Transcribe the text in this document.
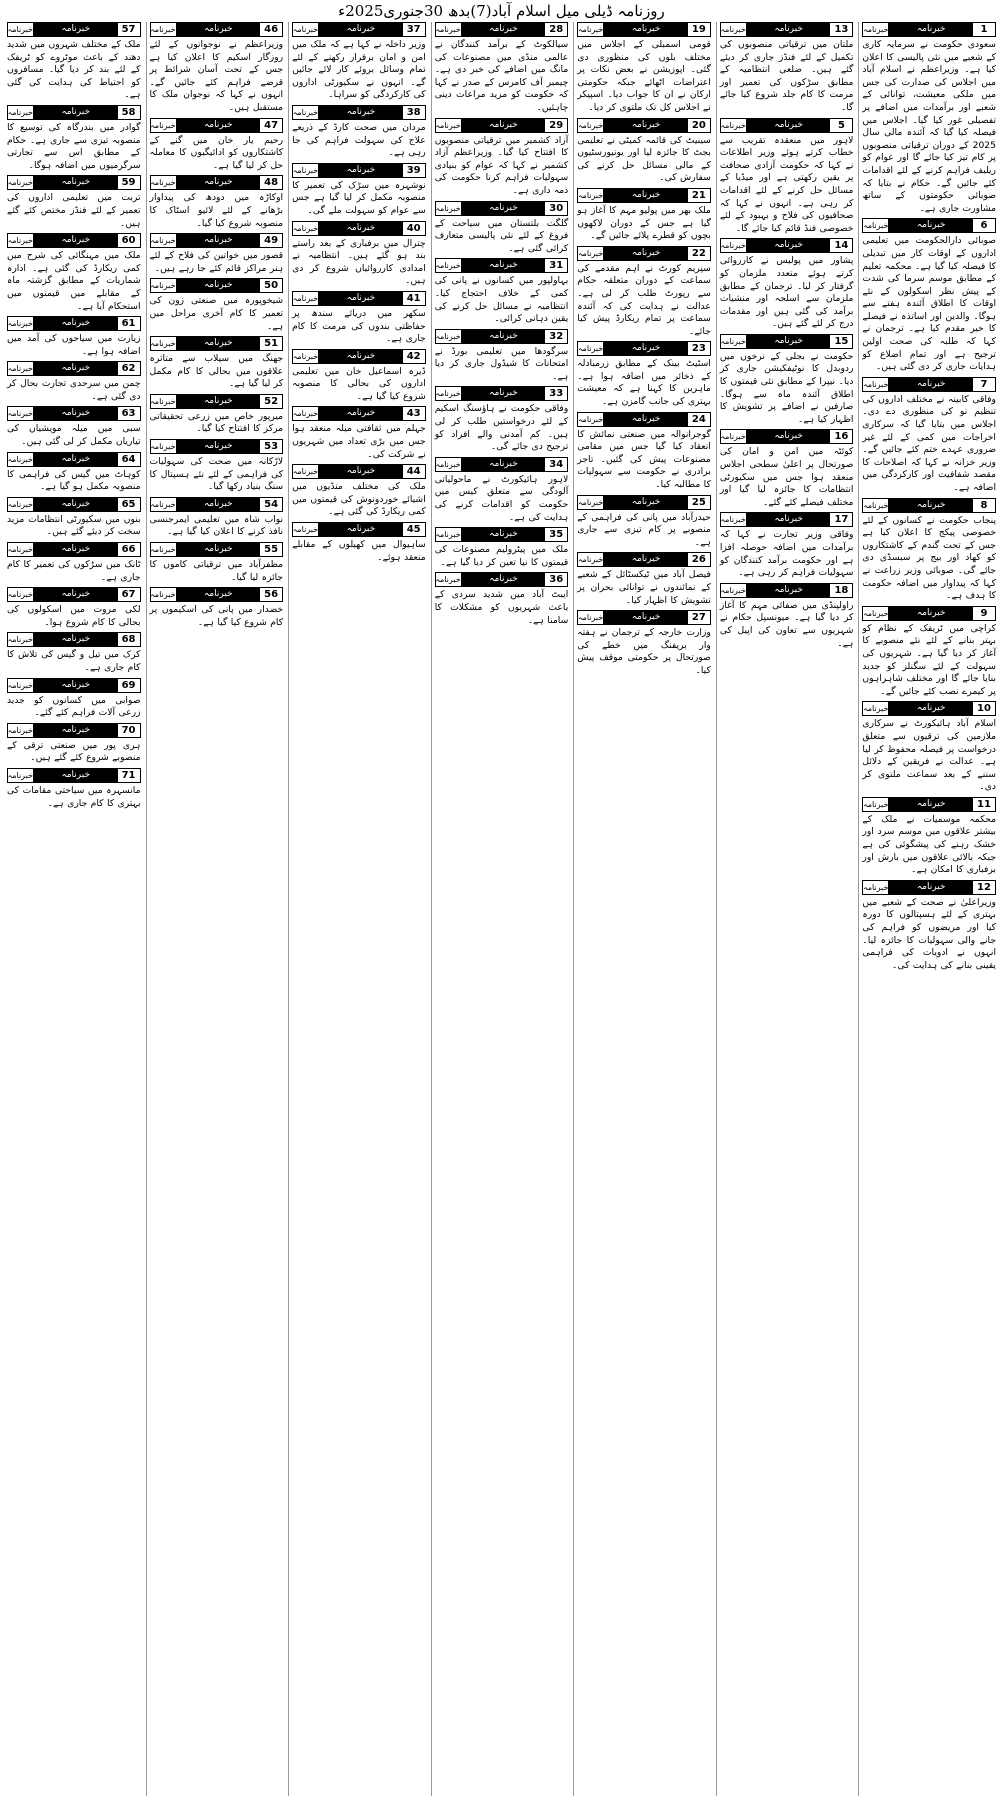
روزنامہ ڈیلی میل اسلام آباد(7)بدھ 30جنوری2025ء
1
خبرنامہ
خبرنامہ
سعودی حکومت نے سرمایہ کاری کے شعبے میں نئی پالیسی کا اعلان کیا ہے۔ وزیراعظم نے اسلام آباد میں اجلاس کی صدارت کی جس میں ملکی معیشت، توانائی کے شعبے اور برآمدات میں اضافے پر تفصیلی غور کیا گیا۔ اجلاس میں فیصلہ کیا گیا کہ آئندہ مالی سال 2025 کے دوران ترقیاتی منصوبوں پر کام تیز کیا جائے گا اور عوام کو ریلیف فراہم کرنے کے لئے اقدامات کئے جائیں گے۔ حکام نے بتایا کہ صوبائی حکومتوں کے ساتھ مشاورت جاری ہے۔
6
خبرنامہ
خبرنامہ
صوبائی دارالحکومت میں تعلیمی اداروں کے اوقات کار میں تبدیلی کا فیصلہ کیا گیا ہے۔ محکمہ تعلیم کے مطابق موسم سرما کی شدت کے پیش نظر اسکولوں کے نئے اوقات کا اطلاق آئندہ ہفتے سے ہوگا۔ والدین اور اساتذہ نے فیصلے کا خیر مقدم کیا ہے۔ ترجمان نے کہا کہ طلبہ کی صحت اولین ترجیح ہے اور تمام اضلاع کو ہدایات جاری کر دی گئی ہیں۔
7
خبرنامہ
خبرنامہ
وفاقی کابینہ نے مختلف اداروں کی تنظیم نو کی منظوری دے دی۔ اجلاس میں بتایا گیا کہ سرکاری اخراجات میں کمی کے لئے غیر ضروری عہدے ختم کئے جائیں گے۔ وزیر خزانہ نے کہا کہ اصلاحات کا مقصد شفافیت اور کارکردگی میں اضافہ ہے۔
8
خبرنامہ
خبرنامہ
پنجاب حکومت نے کسانوں کے لئے خصوصی پیکج کا اعلان کیا ہے جس کے تحت گندم کے کاشتکاروں کو کھاد اور بیج پر سبسڈی دی جائے گی۔ صوبائی وزیر زراعت نے کہا کہ پیداوار میں اضافہ حکومت کا ہدف ہے۔
9
خبرنامہ
خبرنامہ
کراچی میں ٹریفک کے نظام کو بہتر بنانے کے لئے نئے منصوبے کا آغاز کر دیا گیا ہے۔ شہریوں کی سہولت کے لئے سگنلز کو جدید بنایا جائے گا اور مختلف شاہراہوں پر کیمرے نصب کئے جائیں گے۔
10
خبرنامہ
خبرنامہ
اسلام آباد ہائیکورٹ نے سرکاری ملازمین کی ترقیوں سے متعلق درخواست پر فیصلہ محفوظ کر لیا ہے۔ عدالت نے فریقین کے دلائل سننے کے بعد سماعت ملتوی کر دی۔
11
خبرنامہ
خبرنامہ
محکمہ موسمیات نے ملک کے بیشتر علاقوں میں موسم سرد اور خشک رہنے کی پیشگوئی کی ہے جبکہ بالائی علاقوں میں بارش اور برفباری کا امکان ہے۔
12
خبرنامہ
خبرنامہ
وزیراعلیٰ نے صحت کے شعبے میں بہتری کے لئے ہسپتالوں کا دورہ کیا اور مریضوں کو فراہم کی جانے والی سہولیات کا جائزہ لیا۔ انہوں نے ادویات کی فراہمی یقینی بنانے کی ہدایت کی۔
13
خبرنامہ
خبرنامہ
ملتان میں ترقیاتی منصوبوں کی تکمیل کے لئے فنڈز جاری کر دیئے گئے ہیں۔ ضلعی انتظامیہ کے مطابق سڑکوں کی تعمیر اور مرمت کا کام جلد شروع کیا جائے گا۔
5
خبرنامہ
خبرنامہ
لاہور میں منعقدہ تقریب سے خطاب کرتے ہوئے وزیر اطلاعات نے کہا کہ حکومت آزادی صحافت پر یقین رکھتی ہے اور میڈیا کے مسائل حل کرنے کے لئے اقدامات کر رہی ہے۔ انہوں نے کہا کہ صحافیوں کی فلاح و بہبود کے لئے خصوصی فنڈ قائم کیا جائے گا۔
14
خبرنامہ
خبرنامہ
پشاور میں پولیس نے کارروائی کرتے ہوئے متعدد ملزمان کو گرفتار کر لیا۔ ترجمان کے مطابق ملزمان سے اسلحہ اور منشیات برآمد کی گئی ہیں اور مقدمات درج کر لئے گئے ہیں۔
15
خبرنامہ
خبرنامہ
حکومت نے بجلی کے نرخوں میں ردوبدل کا نوٹیفکیشن جاری کر دیا۔ نیپرا کے مطابق نئی قیمتوں کا اطلاق آئندہ ماہ سے ہوگا۔ صارفین نے اضافے پر تشویش کا اظہار کیا ہے۔
16
خبرنامہ
خبرنامہ
کوئٹہ میں امن و امان کی صورتحال پر اعلیٰ سطحی اجلاس منعقد ہوا جس میں سکیورٹی انتظامات کا جائزہ لیا گیا اور مختلف فیصلے کئے گئے۔
17
خبرنامہ
خبرنامہ
وفاقی وزیر تجارت نے کہا کہ برآمدات میں اضافہ حوصلہ افزا ہے اور حکومت برآمد کنندگان کو سہولیات فراہم کر رہی ہے۔
18
خبرنامہ
خبرنامہ
راولپنڈی میں صفائی مہم کا آغاز کر دیا گیا ہے۔ میونسپل حکام نے شہریوں سے تعاون کی اپیل کی ہے۔
19
خبرنامہ
خبرنامہ
قومی اسمبلی کے اجلاس میں مختلف بلوں کی منظوری دی گئی۔ اپوزیشن نے بعض نکات پر اعتراضات اٹھائے جبکہ حکومتی ارکان نے ان کا جواب دیا۔ اسپیکر نے اجلاس کل تک ملتوی کر دیا۔
20
خبرنامہ
خبرنامہ
سینیٹ کی قائمہ کمیٹی نے تعلیمی بجٹ کا جائزہ لیا اور یونیورسٹیوں کے مالی مسائل حل کرنے کی سفارش کی۔
21
خبرنامہ
خبرنامہ
ملک بھر میں پولیو مہم کا آغاز ہو گیا ہے جس کے دوران لاکھوں بچوں کو قطرے پلائے جائیں گے۔
22
خبرنامہ
خبرنامہ
سپریم کورٹ نے اہم مقدمے کی سماعت کے دوران متعلقہ حکام سے رپورٹ طلب کر لی ہے۔ عدالت نے ہدایت کی کہ آئندہ سماعت پر تمام ریکارڈ پیش کیا جائے۔
23
خبرنامہ
خبرنامہ
اسٹیٹ بینک کے مطابق زرمبادلہ کے ذخائر میں اضافہ ہوا ہے۔ ماہرین کا کہنا ہے کہ معیشت بہتری کی جانب گامزن ہے۔
24
خبرنامہ
خبرنامہ
گوجرانوالہ میں صنعتی نمائش کا انعقاد کیا گیا جس میں مقامی مصنوعات پیش کی گئیں۔ تاجر برادری نے حکومت سے سہولیات کا مطالبہ کیا۔
25
خبرنامہ
خبرنامہ
حیدرآباد میں پانی کی فراہمی کے منصوبے پر کام تیزی سے جاری ہے۔
26
خبرنامہ
خبرنامہ
فیصل آباد میں ٹیکسٹائل کے شعبے کے نمائندوں نے توانائی بحران پر تشویش کا اظہار کیا۔
27
خبرنامہ
خبرنامہ
وزارت خارجہ کے ترجمان نے ہفتہ وار بریفنگ میں خطے کی صورتحال پر حکومتی موقف پیش کیا۔
28
خبرنامہ
خبرنامہ
سیالکوٹ کے برآمد کنندگان نے عالمی منڈی میں مصنوعات کی مانگ میں اضافے کی خبر دی ہے۔ چیمبر آف کامرس کے صدر نے کہا کہ حکومت کو مزید مراعات دینی چاہئیں۔
29
خبرنامہ
خبرنامہ
آزاد کشمیر میں ترقیاتی منصوبوں کا افتتاح کیا گیا۔ وزیراعظم آزاد کشمیر نے کہا کہ عوام کو بنیادی سہولیات فراہم کرنا حکومت کی ذمہ داری ہے۔
30
خبرنامہ
خبرنامہ
گلگت بلتستان میں سیاحت کے فروغ کے لئے نئی پالیسی متعارف کرائی گئی ہے۔
31
خبرنامہ
خبرنامہ
بہاولپور میں کسانوں نے پانی کی کمی کے خلاف احتجاج کیا۔ انتظامیہ نے مسائل حل کرنے کی یقین دہانی کرائی۔
32
خبرنامہ
خبرنامہ
سرگودھا میں تعلیمی بورڈ نے امتحانات کا شیڈول جاری کر دیا ہے۔
33
خبرنامہ
خبرنامہ
وفاقی حکومت نے ہاؤسنگ اسکیم کے لئے درخواستیں طلب کر لی ہیں۔ کم آمدنی والے افراد کو ترجیح دی جائے گی۔
34
خبرنامہ
خبرنامہ
لاہور ہائیکورٹ نے ماحولیاتی آلودگی سے متعلق کیس میں حکومت کو اقدامات کرنے کی ہدایت کی ہے۔
35
خبرنامہ
خبرنامہ
ملک میں پیٹرولیم مصنوعات کی قیمتوں کا نیا تعین کر دیا گیا ہے۔
36
خبرنامہ
خبرنامہ
ایبٹ آباد میں شدید سردی کے باعث شہریوں کو مشکلات کا سامنا ہے۔
37
خبرنامہ
خبرنامہ
وزیر داخلہ نے کہا ہے کہ ملک میں امن و امان برقرار رکھنے کے لئے تمام وسائل بروئے کار لائے جائیں گے۔ انہوں نے سکیورٹی اداروں کی کارکردگی کو سراہا۔
38
خبرنامہ
خبرنامہ
مردان میں صحت کارڈ کے ذریعے علاج کی سہولت فراہم کی جا رہی ہے۔
39
خبرنامہ
خبرنامہ
نوشہرہ میں سڑک کی تعمیر کا منصوبہ مکمل کر لیا گیا ہے جس سے عوام کو سہولت ملے گی۔
40
خبرنامہ
خبرنامہ
چترال میں برفباری کے بعد راستے بند ہو گئے ہیں۔ انتظامیہ نے امدادی کارروائیاں شروع کر دی ہیں۔
41
خبرنامہ
خبرنامہ
سکھر میں دریائے سندھ پر حفاظتی بندوں کی مرمت کا کام جاری ہے۔
42
خبرنامہ
خبرنامہ
ڈیرہ اسماعیل خان میں تعلیمی اداروں کی بحالی کا منصوبہ شروع کیا گیا ہے۔
43
خبرنامہ
خبرنامہ
جہلم میں ثقافتی میلہ منعقد ہوا جس میں بڑی تعداد میں شہریوں نے شرکت کی۔
44
خبرنامہ
خبرنامہ
ملک کی مختلف منڈیوں میں اشیائے خوردونوش کی قیمتوں میں کمی ریکارڈ کی گئی ہے۔
45
خبرنامہ
خبرنامہ
ساہیوال میں کھیلوں کے مقابلے منعقد ہوئے۔
46
خبرنامہ
خبرنامہ
وزیراعظم نے نوجوانوں کے لئے روزگار اسکیم کا اعلان کیا ہے جس کے تحت آسان شرائط پر قرضے فراہم کئے جائیں گے۔ انہوں نے کہا کہ نوجوان ملک کا مستقبل ہیں۔
47
خبرنامہ
خبرنامہ
رحیم یار خان میں گنے کے کاشتکاروں کو ادائیگیوں کا معاملہ حل کر لیا گیا ہے۔
48
خبرنامہ
خبرنامہ
اوکاڑہ میں دودھ کی پیداوار بڑھانے کے لئے لائیو اسٹاک کا منصوبہ شروع کیا گیا۔
49
خبرنامہ
خبرنامہ
قصور میں خواتین کی فلاح کے لئے ہنر مراکز قائم کئے جا رہے ہیں۔
50
خبرنامہ
خبرنامہ
شیخوپورہ میں صنعتی زون کی تعمیر کا کام آخری مراحل میں ہے۔
51
خبرنامہ
خبرنامہ
جھنگ میں سیلاب سے متاثرہ علاقوں میں بحالی کا کام مکمل کر لیا گیا ہے۔
52
خبرنامہ
خبرنامہ
میرپور خاص میں زرعی تحقیقاتی مرکز کا افتتاح کیا گیا۔
53
خبرنامہ
خبرنامہ
لاڑکانہ میں صحت کی سہولیات کی فراہمی کے لئے نئے ہسپتال کا سنگ بنیاد رکھا گیا۔
54
خبرنامہ
خبرنامہ
نواب شاہ میں تعلیمی ایمرجنسی نافذ کرنے کا اعلان کیا گیا ہے۔
55
خبرنامہ
خبرنامہ
مظفرآباد میں ترقیاتی کاموں کا جائزہ لیا گیا۔
56
خبرنامہ
خبرنامہ
خضدار میں پانی کی اسکیموں پر کام شروع کیا گیا ہے۔
57
خبرنامہ
خبرنامہ
ملک کے مختلف شہروں میں شدید دھند کے باعث موٹروے کو ٹریفک کے لئے بند کر دیا گیا۔ مسافروں کو احتیاط کی ہدایت کی گئی ہے۔
58
خبرنامہ
خبرنامہ
گوادر میں بندرگاہ کی توسیع کا منصوبہ تیزی سے جاری ہے۔ حکام کے مطابق اس سے تجارتی سرگرمیوں میں اضافہ ہوگا۔
59
خبرنامہ
خبرنامہ
تربت میں تعلیمی اداروں کی تعمیر کے لئے فنڈز مختص کئے گئے ہیں۔
60
خبرنامہ
خبرنامہ
ملک میں مہنگائی کی شرح میں کمی ریکارڈ کی گئی ہے۔ ادارہ شماریات کے مطابق گزشتہ ماہ کے مقابلے میں قیمتوں میں استحکام آیا ہے۔
61
خبرنامہ
خبرنامہ
زیارت میں سیاحوں کی آمد میں اضافہ ہوا ہے۔
62
خبرنامہ
خبرنامہ
چمن میں سرحدی تجارت بحال کر دی گئی ہے۔
63
خبرنامہ
خبرنامہ
سبی میں میلہ مویشیاں کی تیاریاں مکمل کر لی گئی ہیں۔
64
خبرنامہ
خبرنامہ
کوہاٹ میں گیس کی فراہمی کا منصوبہ مکمل ہو گیا ہے۔
65
خبرنامہ
خبرنامہ
بنوں میں سکیورٹی انتظامات مزید سخت کر دیئے گئے ہیں۔
66
خبرنامہ
خبرنامہ
ٹانک میں سڑکوں کی تعمیر کا کام جاری ہے۔
67
خبرنامہ
خبرنامہ
لکی مروت میں اسکولوں کی بحالی کا کام شروع ہوا۔
68
خبرنامہ
خبرنامہ
کرک میں تیل و گیس کی تلاش کا کام جاری ہے۔
69
خبرنامہ
خبرنامہ
صوابی میں کسانوں کو جدید زرعی آلات فراہم کئے گئے۔
70
خبرنامہ
خبرنامہ
ہری پور میں صنعتی ترقی کے منصوبے شروع کئے گئے ہیں۔
71
خبرنامہ
خبرنامہ
مانسہرہ میں سیاحتی مقامات کی بہتری کا کام جاری ہے۔
